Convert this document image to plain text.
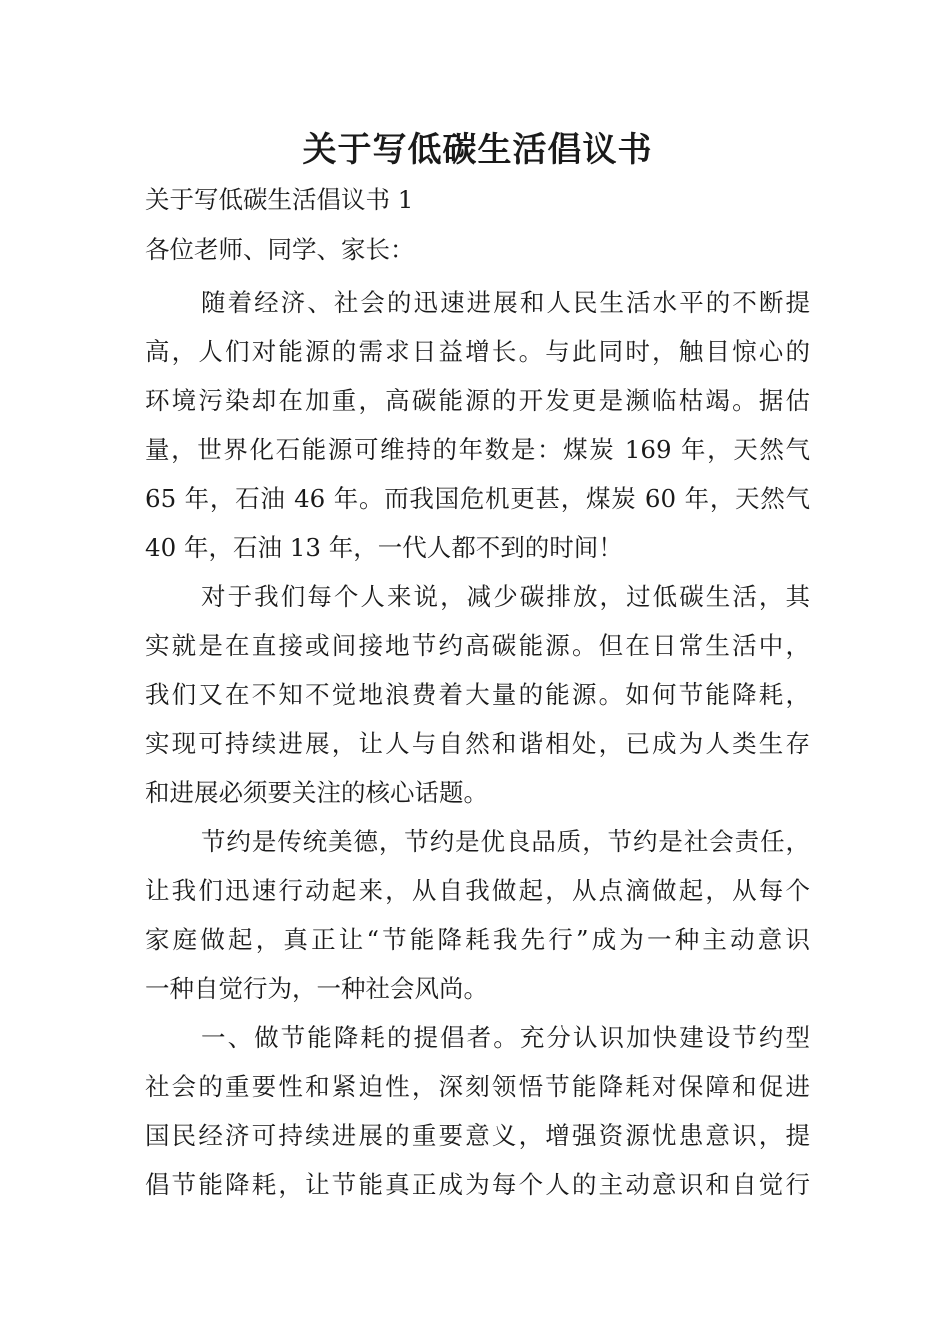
关于写低碳生活倡议书

关于写低碳生活倡议书 1

各位老师、同学、家长：

随着经济、社会的迅速进展和人民生活水平的不断提
高，人们对能源的需求日益增长。与此同时，触目惊心的
环境污染却在加重，高碳能源的开发更是濒临枯竭。据估
量，世界化石能源可维持的年数是：煤炭 169 年，天然气
65 年，石油 46 年。而我国危机更甚，煤炭 60 年，天然气
40 年，石油 13 年，一代人都不到的时间！

对于我们每个人来说，减少碳排放，过低碳生活，其
实就是在直接或间接地节约高碳能源。但在日常生活中，
我们又在不知不觉地浪费着大量的能源。如何节能降耗，
实现可持续进展，让人与自然和谐相处，已成为人类生存
和进展必须要关注的核心话题。

节约是传统美德，节约是优良品质，节约是社会责任，
让我们迅速行动起来，从自我做起，从点滴做起，从每个
家庭做起，真正让“节能降耗我先行”成为一种主动意识
一种自觉行为，一种社会风尚。

一、做节能降耗的提倡者。充分认识加快建设节约型
社会的重要性和紧迫性，深刻领悟节能降耗对保障和促进
国民经济可持续进展的重要意义，增强资源忧患意识，提
倡节能降耗，让节能真正成为每个人的主动意识和自觉行
